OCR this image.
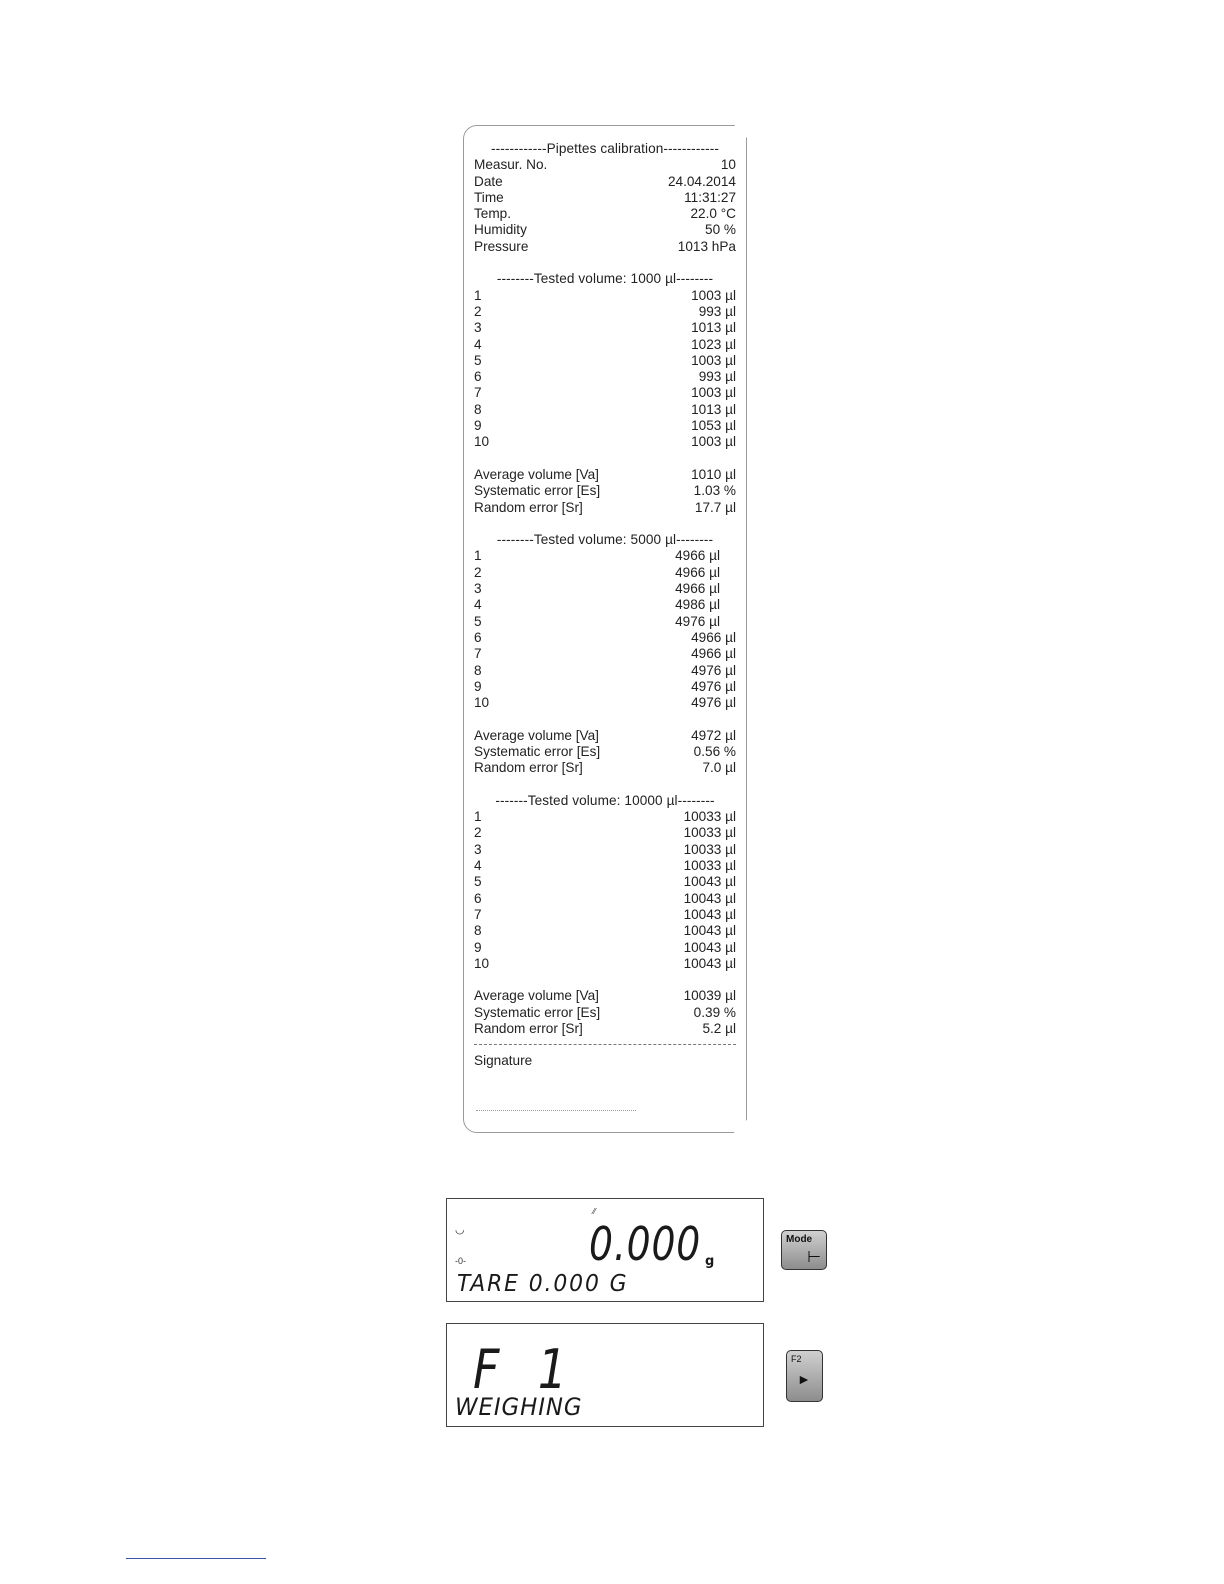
------------Pipettes calibration------------
Measur. No.	10
Date	24.04.2014
Time	11:31:27
Temp.	22.0 °C
Humidity	50 %
Pressure	1013 hPa
--------Tested volume: 1000 µl--------
1	1003 µl
2	993 µl
3	1013 µl
4	1023 µl
5	1003 µl
6	993 µl
7	1003 µl
8	1013 µl
9	1053 µl
10	1003 µl
Average volume [Va]	1010 µl
Systematic error [Es]	1.03 %
Random error [Sr]	17.7 µl
--------Tested volume: 5000 µl--------
1	4966 µl
2	4966 µl
3	4966 µl
4	4986 µl
5	4976 µl
6	4966 µl
7	4966 µl
8	4976 µl
9	4976 µl
10	4976 µl
Average volume [Va]	4972 µl
Systematic error [Es]	0.56 %
Random error [Sr]	7.0 µl
-------Tested volume: 10000 µl--------
1	10033 µl
2	10033 µl
3	10033 µl
4	10033 µl
5	10043 µl
6	10043 µl
7	10043 µl
8	10043 µl
9	10043 µl
10	10043 µl
Average volume [Va]	10039 µl
Systematic error [Es]	0.39 %
Random error [Sr]	5.2 µl
Signature
◡
⁄⁄
-0-	0.000 g
TARE 0.000 G
Mode
⊢
F 1
WEIGHING
F2
►
